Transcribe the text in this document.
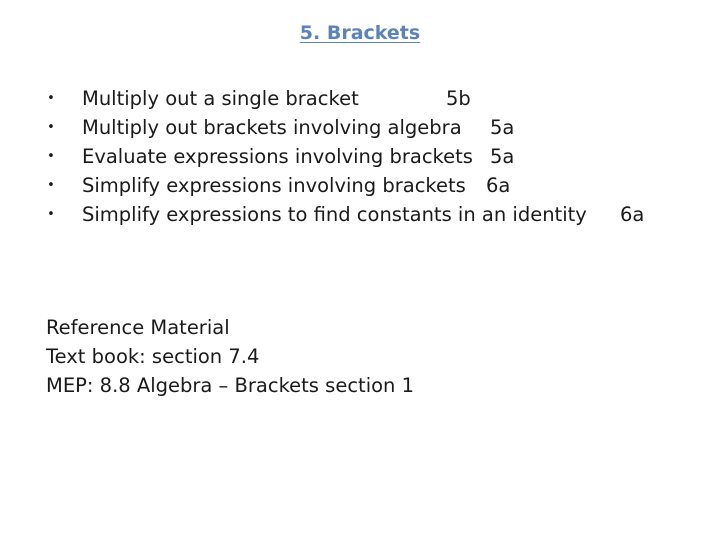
5. Brackets
• Multiply out a single bracket	5b
• Multiply out brackets involving algebra 5a
• Evaluate expressions involving brackets 5a
• Simplify expressions involving brackets 6a
• Simplify expressions to find constants in an identity 6a
Reference Material
Text book: section 7.4
MEP: 8.8 Algebra – Brackets section 1
